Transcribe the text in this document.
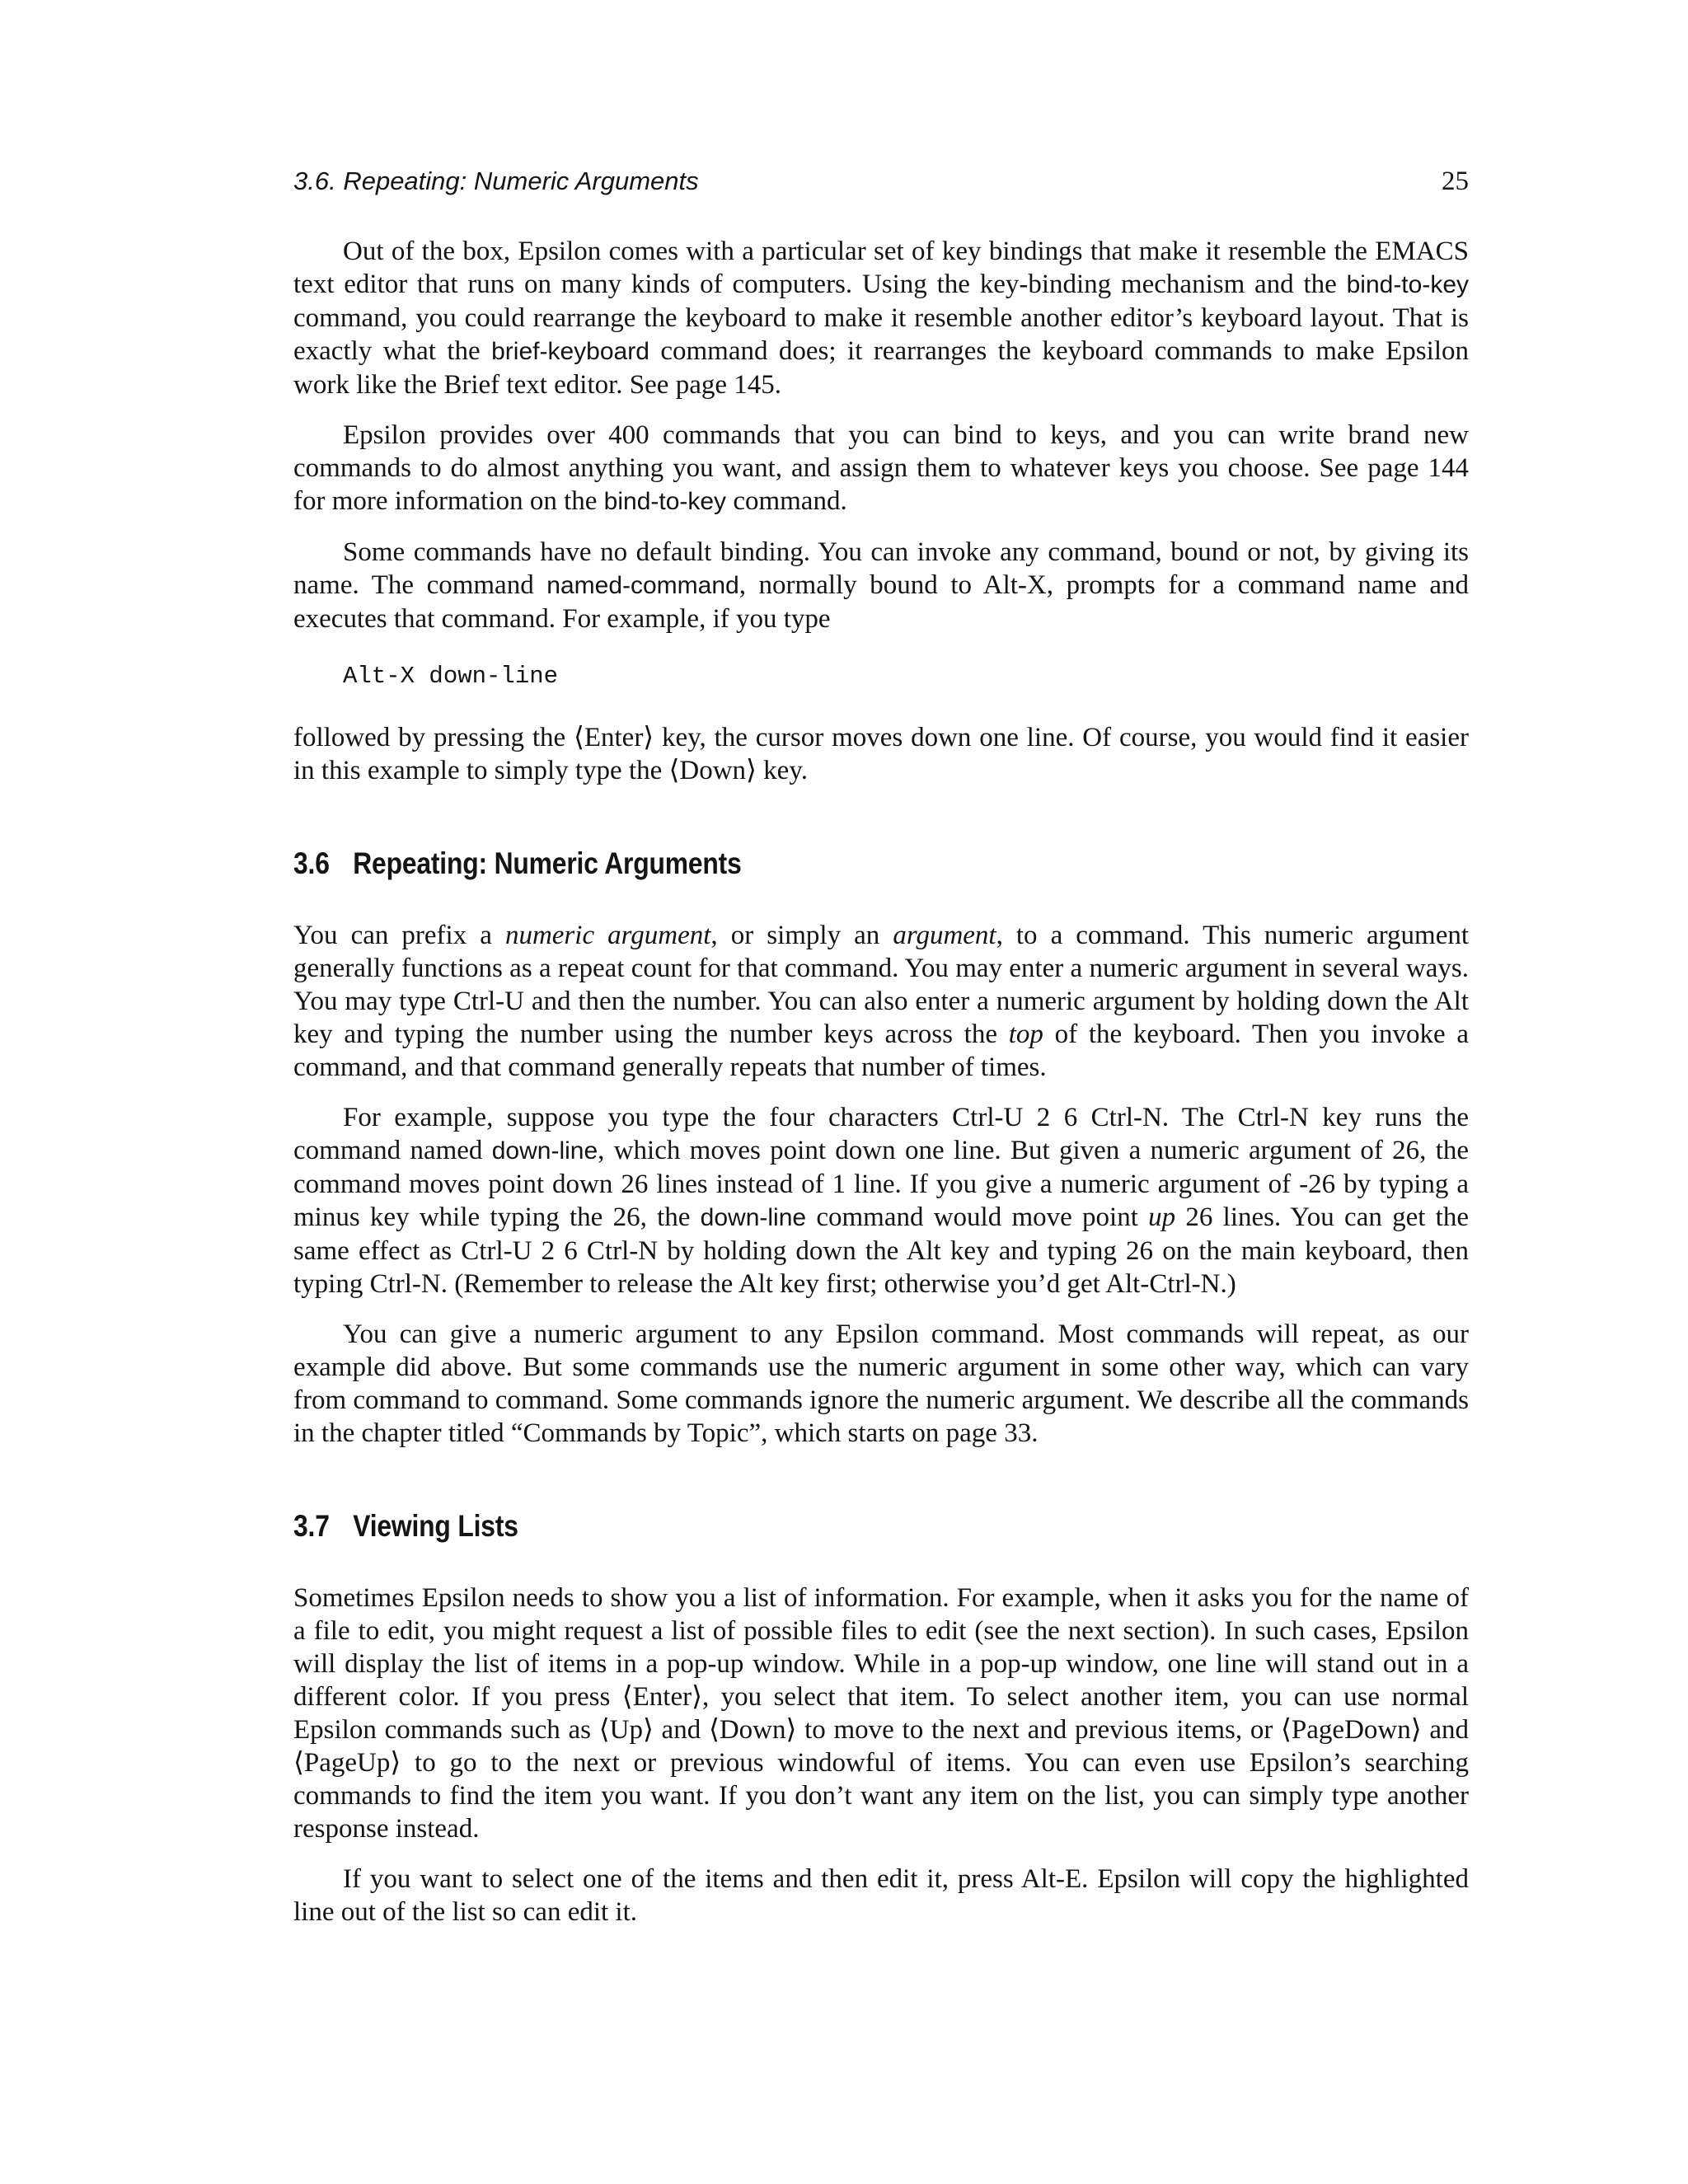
3.6. Repeating: Numeric Arguments	25

Out of the box, Epsilon comes with a particular set of key bindings that make it resemble the EMACS text editor that runs on many kinds of computers. Using the key-binding mechanism and the bind-to-key command, you could rearrange the keyboard to make it resemble another editor’s keyboard layout. That is exactly what the brief-keyboard command does; it rearranges the keyboard commands to make Epsilon work like the Brief text editor. See page 145.

Epsilon provides over 400 commands that you can bind to keys, and you can write brand new commands to do almost anything you want, and assign them to whatever keys you choose. See page 144 for more information on the bind-to-key command.

Some commands have no default binding. You can invoke any command, bound or not, by giving its name. The command named-command, normally bound to Alt-X, prompts for a command name and executes that command. For example, if you type

Alt-X down-line

followed by pressing the ⟨Enter⟩ key, the cursor moves down one line. Of course, you would find it easier in this example to simply type the ⟨Down⟩ key.

3.6 Repeating: Numeric Arguments

You can prefix a numeric argument, or simply an argument, to a command. This numeric argument generally functions as a repeat count for that command. You may enter a numeric argument in several ways. You may type Ctrl-U and then the number. You can also enter a numeric argument by holding down the Alt key and typing the number using the number keys across the top of the keyboard. Then you invoke a command, and that command generally repeats that number of times.

For example, suppose you type the four characters Ctrl-U 2 6 Ctrl-N. The Ctrl-N key runs the command named down-line, which moves point down one line. But given a numeric argument of 26, the command moves point down 26 lines instead of 1 line. If you give a numeric argument of -26 by typing a minus key while typing the 26, the down-line command would move point up 26 lines. You can get the same effect as Ctrl-U 2 6 Ctrl-N by holding down the Alt key and typing 26 on the main keyboard, then typing Ctrl-N. (Remember to release the Alt key first; otherwise you’d get Alt-Ctrl-N.)

You can give a numeric argument to any Epsilon command. Most commands will repeat, as our example did above. But some commands use the numeric argument in some other way, which can vary from command to command. Some commands ignore the numeric argument. We describe all the commands in the chapter titled “Commands by Topic”, which starts on page 33.

3.7 Viewing Lists

Sometimes Epsilon needs to show you a list of information. For example, when it asks you for the name of a file to edit, you might request a list of possible files to edit (see the next section). In such cases, Epsilon will display the list of items in a pop-up window. While in a pop-up window, one line will stand out in a different color. If you press ⟨Enter⟩, you select that item. To select another item, you can use normal Epsilon commands such as ⟨Up⟩ and ⟨Down⟩ to move to the next and previous items, or ⟨PageDown⟩ and ⟨PageUp⟩ to go to the next or previous windowful of items. You can even use Epsilon’s searching commands to find the item you want. If you don’t want any item on the list, you can simply type another response instead.

If you want to select one of the items and then edit it, press Alt-E. Epsilon will copy the highlighted line out of the list so can edit it.
